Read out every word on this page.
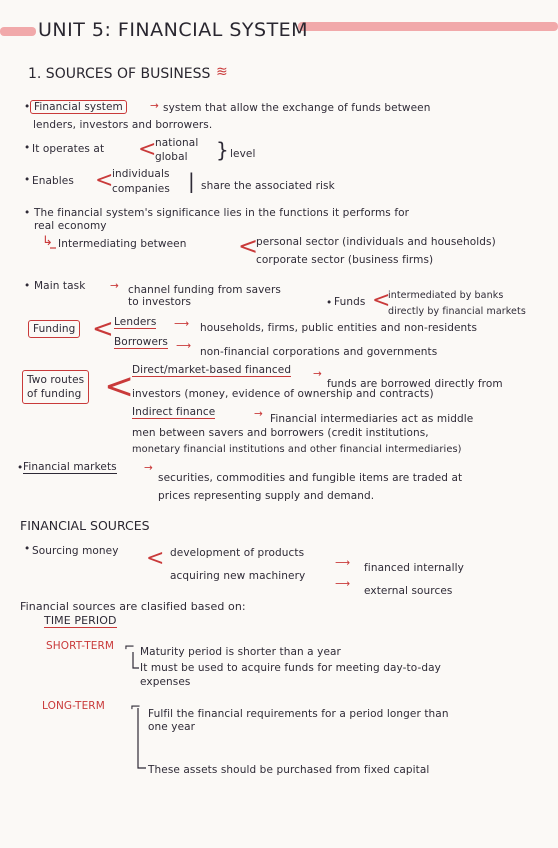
UNIT 5: FINANCIAL SYSTEM
1. SOURCES OF BUSINESS ≋
• Financial system	→ system that allow the exchange of funds between
lenders, investors and borrowers.
• It operates at <
national
global } level
• Enables <
individuals
companies | share the associated risk
• The financial system's significance lies in the functions it performs for
real economy
↳ Intermediating between <
personal sector (individuals and households)
corporate sector (business firms)
• Main task → channel funding from savers
to investors	• Funds <
intermediated by banks
directly by financial markets
Funding < Lenders ⟶ households, firms, public entities and non-residents
Borrowers ⟶ non-financial corporations and governments
Two routes
of funding <
Direct/market-based financed →
funds are borrowed directly from
investors (money, evidence of ownership and contracts)
Indirect finance	→ Financial intermediaries act as middle
men between savers and borrowers (credit institutions,
monetary financial institutions and other financial intermediaries)
• Financial markets	→
securities, commodities and fungible items are traded at
prices representing supply and demand.
FINANCIAL SOURCES
• Sourcing money < development of products
⟶ financed internally
acquiring new machinery
⟶
external sources
Financial sources are clasified based on:
TIME PERIOD
SHORT-TERM ⌐ Maturity period is shorter than a year
It must be used to acquire funds for meeting day-to-day
expenses
LONG-TERM ⌐ Fulfil the financial requirements for a period longer than
one year
These assets should be purchased from fixed capital
